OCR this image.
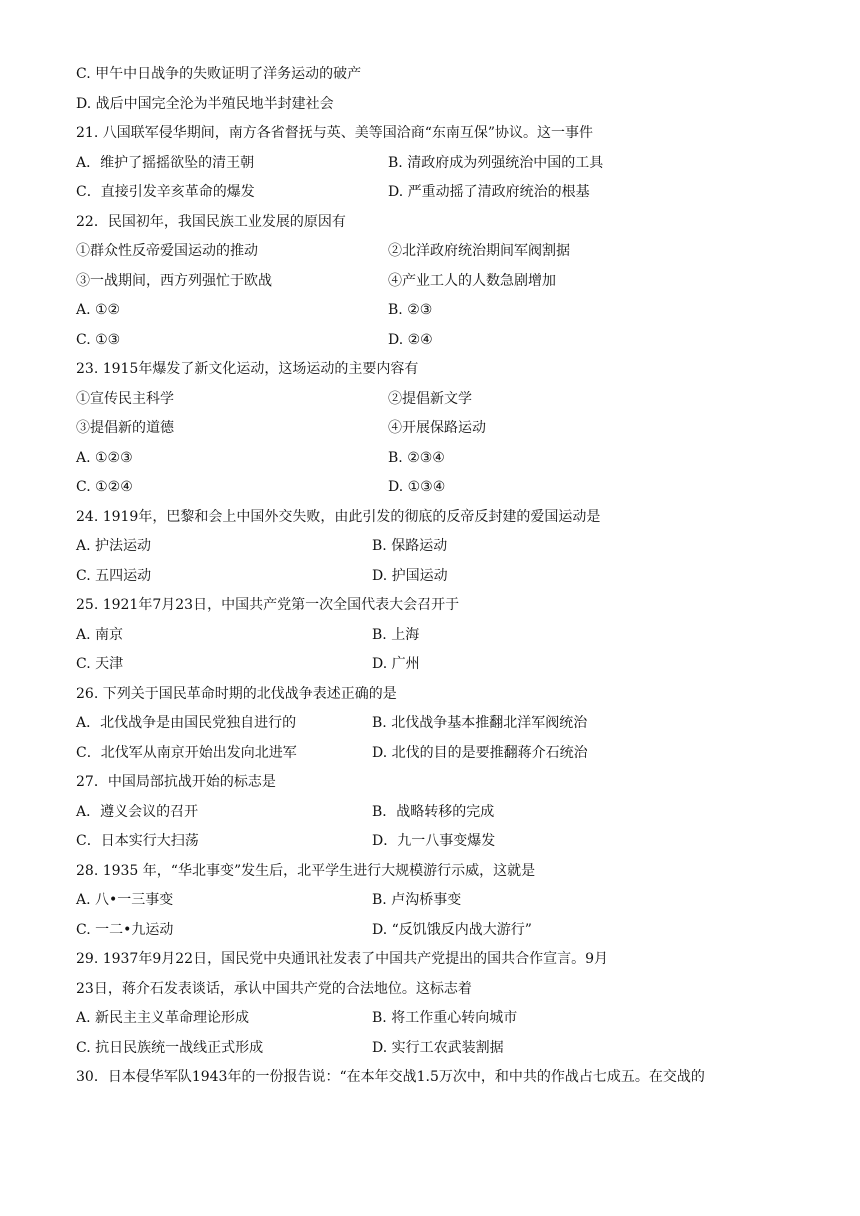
C. 甲午中日战争的失败证明了洋务运动的破产
D. 战后中国完全沦为半殖民地半封建社会
21. 八国联军侵华期间，南方各省督抚与英、美等国洽商“东南互保”协议。这一事件
A．维护了摇摇欲坠的清王朝	B. 清政府成为列强统治中国的工具
C．直接引发辛亥革命的爆发	D. 严重动摇了清政府统治的根基
22．民国初年，我国民族工业发展的原因有
①群众性反帝爱国运动的推动	②北洋政府统治期间军阀割据
③一战期间，西方列强忙于欧战	④产业工人的人数急剧增加
A. ①②	B. ②③
C. ①③	D. ②④
23. 1915年爆发了新文化运动，这场运动的主要内容有
①宣传民主科学	②提倡新文学
③提倡新的道德	④开展保路运动
A. ①②③	B. ②③④
C. ①②④	D. ①③④
24. 1919年，巴黎和会上中国外交失败，由此引发的彻底的反帝反封建的爱国运动是
A. 护法运动	B. 保路运动
C. 五四运动	D. 护国运动
25. 1921年7月23日，中国共产党第一次全国代表大会召开于
A. 南京	B. 上海
C. 天津	D. 广州
26. 下列关于国民革命时期的北伐战争表述正确的是
A．北伐战争是由国民党独自进行的	B. 北伐战争基本推翻北洋军阀统治
C．北伐军从南京开始出发向北进军	D. 北伐的目的是要推翻蒋介石统治
27．中国局部抗战开始的标志是
A．遵义会议的召开	B．战略转移的完成
C．日本实行大扫荡	D．九一八事变爆发
28. 1935 年，“华北事变”发生后，北平学生进行大规模游行示威，这就是
A. 八•一三事变	B. 卢沟桥事变
C. 一二•九运动	D. “反饥饿反内战大游行”
29. 1937年9月22日，国民党中央通讯社发表了中国共产党提出的国共合作宣言。9月
23日，蒋介石发表谈话，承认中国共产党的合法地位。这标志着
A. 新民主主义革命理论形成	B. 将工作重心转向城市
C. 抗日民族统一战线正式形成	D. 实行工农武装割据
30．日本侵华军队1943年的一份报告说：“在本年交战1.5万次中，和中共的作战占七成五。在交战的
